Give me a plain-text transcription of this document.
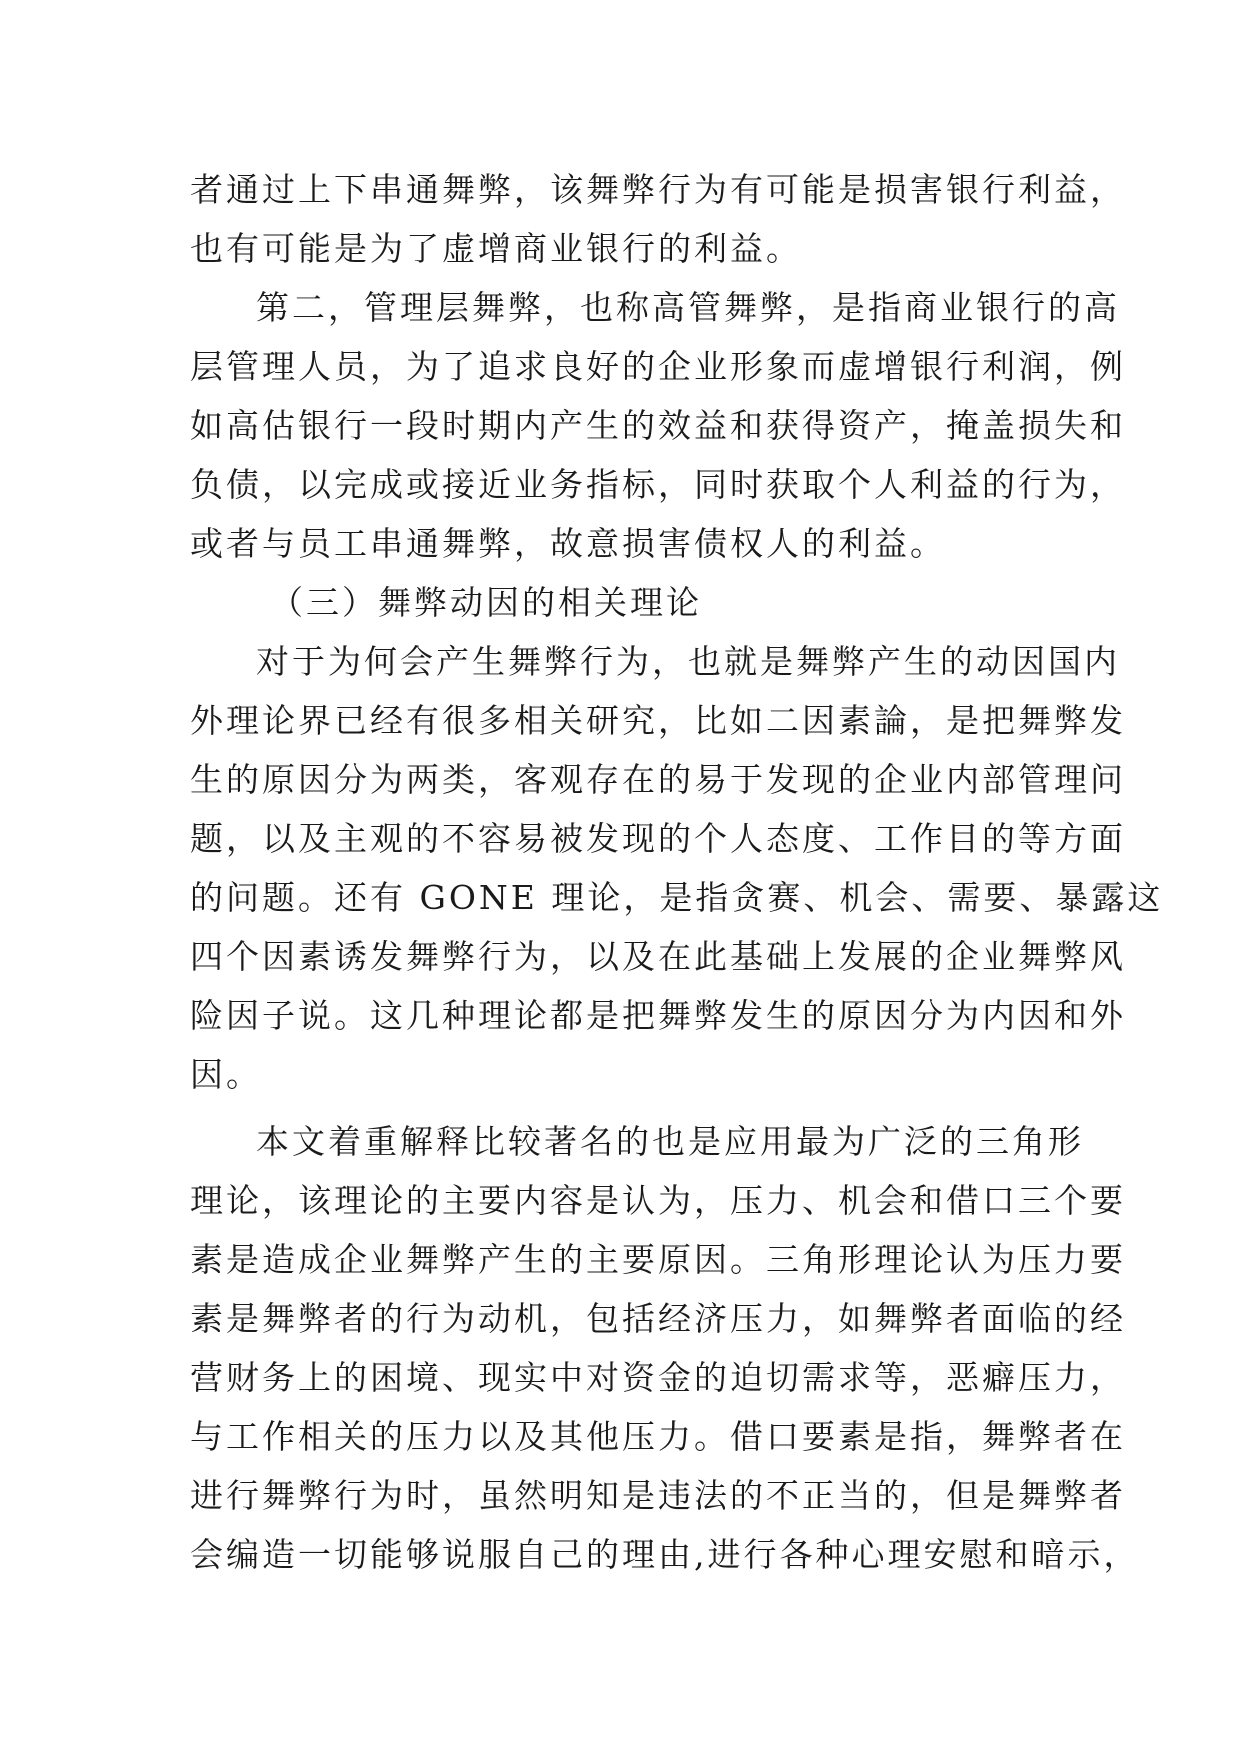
者通过上下串通舞弊，该舞弊行为有可能是损害银行利益，
也有可能是为了虚增商业银行的利益。
第二，管理层舞弊，也称高管舞弊，是指商业银行的高
层管理人员，为了追求良好的企业形象而虚增银行利润，例
如高估银行一段时期内产生的效益和获得资产，掩盖损失和
负债，以完成或接近业务指标，同时获取个人利益的行为，
或者与员工串通舞弊，故意损害债权人的利益。
（三）舞弊动因的相关理论
对于为何会产生舞弊行为，也就是舞弊产生的动因国内
外理论界已经有很多相关研究，比如二因素論，是把舞弊发
生的原因分为两类，客观存在的易于发现的企业内部管理问
题，以及主观的不容易被发现的个人态度、工作目的等方面
的问题。还有 GONE 理论，是指贪赛、机会、需要、暴露这
四个因素诱发舞弊行为，以及在此基础上发展的企业舞弊风
险因子说。这几种理论都是把舞弊发生的原因分为内因和外
因。
本文着重解释比较著名的也是应用最为广泛的三角形
理论，该理论的主要内容是认为，压力、机会和借口三个要
素是造成企业舞弊产生的主要原因。三角形理论认为压力要
素是舞弊者的行为动机，包括经济压力，如舞弊者面临的经
营财务上的困境、现实中对资金的迫切需求等，恶癖压力，
与工作相关的压力以及其他压力。借口要素是指，舞弊者在
进行舞弊行为时，虽然明知是违法的不正当的，但是舞弊者
会编造一切能够说服自己的理由,进行各种心理安慰和暗示，
